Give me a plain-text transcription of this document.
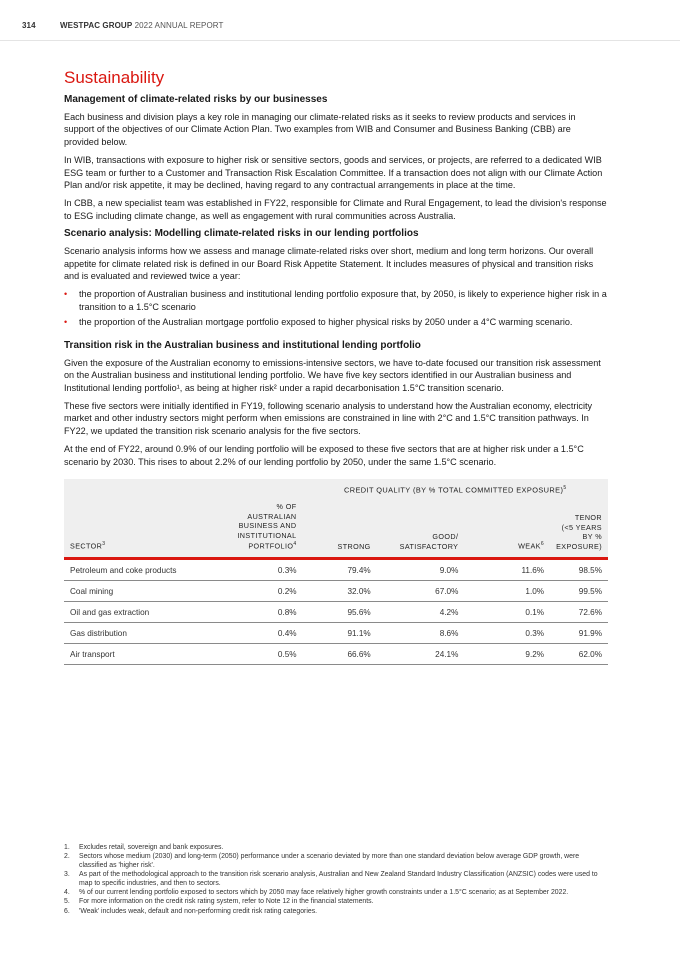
314	WESTPAC GROUP 2022 ANNUAL REPORT
Sustainability
Management of climate-related risks by our businesses

Each business and division plays a key role in managing our climate-related risks as it seeks to review products and services in support of the objectives of our Climate Action Plan. Two examples from WIB and Consumer and Business Banking (CBB) are provided below.

In WIB, transactions with exposure to higher risk or sensitive sectors, goods and services, or projects, are referred to a dedicated WIB ESG team or further to a Customer and Transaction Risk Escalation Committee. If a transaction does not align with our Climate Action Plan and/or risk appetite, it may be declined, having regard to any contractual arrangements in place at the time.

In CBB, a new specialist team was established in FY22, responsible for Climate and Rural Engagement, to lead the division's response to ESG including climate change, as well as engagement with rural communities across Australia.

Scenario analysis: Modelling climate-related risks in our lending portfolios

Scenario analysis informs how we assess and manage climate-related risks over short, medium and long term horizons. Our overall appetite for climate related risk is defined in our Board Risk Appetite Statement. It includes measures of physical and transition risks and is evaluated and reviewed twice a year:

• the proportion of Australian business and institutional lending portfolio exposure that, by 2050, is likely to experience higher risk in a transition to a 1.5°C scenario
• the proportion of the Australian mortgage portfolio exposed to higher physical risks by 2050 under a 4°C warming scenario.
Transition risk in the Australian business and institutional lending portfolio

Given the exposure of the Australian economy to emissions-intensive sectors, we have to-date focused our transition risk assessment on the Australian business and institutional lending portfolio. We have five key sectors identified in our Australian business and Institutional lending portfolio¹, as being at higher risk² under a rapid decarbonisation 1.5°C transition scenario.

These five sectors were initially identified in FY19, following scenario analysis to understand how the Australian economy, electricity market and other industry sectors might perform when emissions are constrained in line with 2°C and 1.5°C transition pathways. In FY22, we updated the transition risk scenario analysis for the five sectors.

At the end of FY22, around 0.9% of our lending portfolio will be exposed to these five sectors that are at higher risk under a 1.5°C scenario by 2030. This rises to about 2.2% of our lending portfolio by 2050, under the same 1.5°C scenario.

		CREDIT QUALITY (BY % TOTAL COMMITTED EXPOSURE)$^5$
SECTOR$^3$	% OF
AUSTRALIAN
BUSINESS AND
INSTITUTIONAL
PORTFOLIO$^4$	STRONG	GOOD/
SATISFACTORY	WEAK$^6$	TENOR
(<5 YEARS BY %
EXPOSURE)

Petroleum and coke products	0.3%	79.4%	9.0%	11.6%	98.5%
Coal mining	0.2%	32.0%	67.0%	1.0%	99.5%
Oil and gas extraction	0.8%	95.6%	4.2%	0.1%	72.6%
Gas distribution	0.4%	91.1%	8.6%	0.3%	91.9%
Air transport	0.5%	66.6%	24.1%	9.2%	62.0%
1. Excludes retail, sovereign and bank exposures.
2. Sectors whose medium (2030) and long-term (2050) performance under a scenario deviated by more than one standard deviation below average GDP growth, were classified as 'higher risk'.
3. As part of the methodological approach to the transition risk scenario analysis, Australian and New Zealand Standard Industry Classification (ANZSIC) codes were used to map to specific industries, and then to sectors.
4. % of our current lending portfolio exposed to sectors which by 2050 may face relatively higher growth constraints under a 1.5°C scenario; as at September 2022.
5. For more information on the credit risk rating system, refer to Note 12 in the financial statements.
6. 'Weak' includes weak, default and non-performing credit risk rating categories.
